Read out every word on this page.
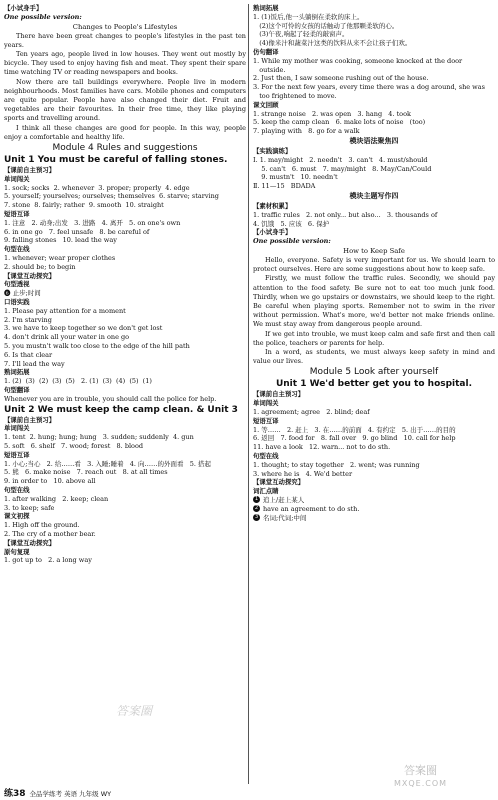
【小试身手】
One possible version:
Changes to People's Lifestyles

There have been great changes to people's lifestyles in the past ten years.

Ten years ago, people lived in low houses. They went out mostly by bicycle. They used to enjoy having fish and meat. They spent their spare time watching TV or reading newspapers and books.

Now there are tall buildings everywhere. People live in modern neighbourhoods. Most families have cars. Mobile phones and computers are quite popular. People have also changed their diet. Fruit and vegetables are their favourites. In their free time, they like playing sports and travelling around.

I think all these changes are good for people. In this way, people enjoy a comfortable and healthy life.

Module 4 Rules and suggestions
Unit 1 You must be careful of falling stones.
【课前自主预习】
单词闯关
1. sock; socks  2. whenever  3. proper; properly  4. edge
5. yourself; yourselves; ourselves; themselves  6. starve; starving
7. stone  8. fairly; rather  9. smooth  10. straight
短语互译
1. 注意   2. 动身;出发   3. 进路   4. 离开   5. on one's own
6. in one go   7. feel unsafe   8. be careful of
9. falling stones   10. lead the way
句型在线
1. whenever; wear proper clothes
2. should be; to begin
【课堂互动探究】
句型透视
❻ 止步;时间
口语实践
1. Please pay attention for a moment
2. I'm starving
3. we have to keep together so we don't get lost
4. don't drink all your water in one go
5. you mustn't walk too close to the edge of the hill path
6. Is that clear
7. I'll lead the way
熟词拓展
1. (2)  (3)  (2)  (3)  (5)   2. (1)  (3)  (4)  (5)  (1)
句型翻译
Whenever you are in trouble, you should call the police for help.
Unit 2 We must keep the camp clean. & Unit 3
【课前自主预习】
单词闯关
1. tent  2. hung; hung; hung   3. sudden; suddenly  4. gun
5. soft   6. shelf   7. wood; forest   8. blood
短语互译
1. 小心;当心   2. 给……看   3. 入睡;睡着   4. 向……的外面看   5. 搭起
5. 熊   6. make noise   7. reach out   8. at all times
9. in order to   10. above all
句型在线
1. after walking   2. keep; clean
3. to keep; safe
课文初探
1. High off the ground.
2. The cry of a mother bear.
【课堂互动探究】
原句复现
1. got up to   2. a long way
熟词拓展
1. (1)饭后,他一头躺倒在柔软的床上。
(2)这个可怜的女孩的话触动了他那颗柔软的心。
(3)午夜,响起了轻柔的敲窗声。
(4)像米汁和蔬菜汁这类的饮料从来不会让孩子们欢。
仿句翻译
1. While my mother was cooking, someone knocked at the door
outside.
2. Just then, I saw someone rushing out of the house.
3. For the next few years, every time there was a dog around, she was
too frightened to move.
课文回顾
1. strange noise   2. was open   3. hang   4. took
5. keep the camp clean   6. make lots of noise   (too)
7. playing with   8. go for a walk
模块语法聚焦四
【实践演练】
Ⅰ. 1. may/might   2. needn't   3. can't   4. must/should
5. can't   6. must   7. may/might   8. May/Can/Could
9. mustn't   10. needn't
Ⅱ. 11—15   BDADA
模块主题写作四
【素材积累】
1. traffic rules   2. not only... but also...   3. thousands of
4. 饥饿   5. 应该   6. 保护
【小试身手】
One possible version:
How to Keep Safe

Hello, everyone. Safety is very important for us. We should learn to protect ourselves. Here are some suggestions about how to keep safe.

Firstly, we must follow the traffic rules. Secondly, we should pay attention to the food safety. Be sure not to eat too much junk food. Thirdly, when we go upstairs or downstairs, we should keep to the right. Be careful when playing sports. Remember not to swim in the river without permission. What's more, we'd better not make friends online. We must stay away from dangerous people around.

If we get into trouble, we must keep calm and safe first and then call the police, teachers or parents for help.

In a word, as students, we must always keep safety in mind and value our lives.

Module 5 Look after yourself
Unit 1 We'd better get you to hospital.
【课前自主预习】
单词闯关
1. agreement; agree   2. blind; deaf
短语互译
1. 等……   2. 赶上   3. 在……的前面   4. 有约定   5. 出于……的目的
6. 返回   7. food for   8. fall over   9. go blind   10. call for help
11. have a look   12. warn... not to do sth.
句型在线
1. thought; to stay together   2. went; was running
3. where he is   4. We'd better
【课堂互动探究】
词汇点睛
1 追上/赶上某人
2 have an agreement to do sth.
3 名词;代词;中间
答案圈
练38 全品学练考 英语 九年级 WY
答案圈
MXQE.COM
